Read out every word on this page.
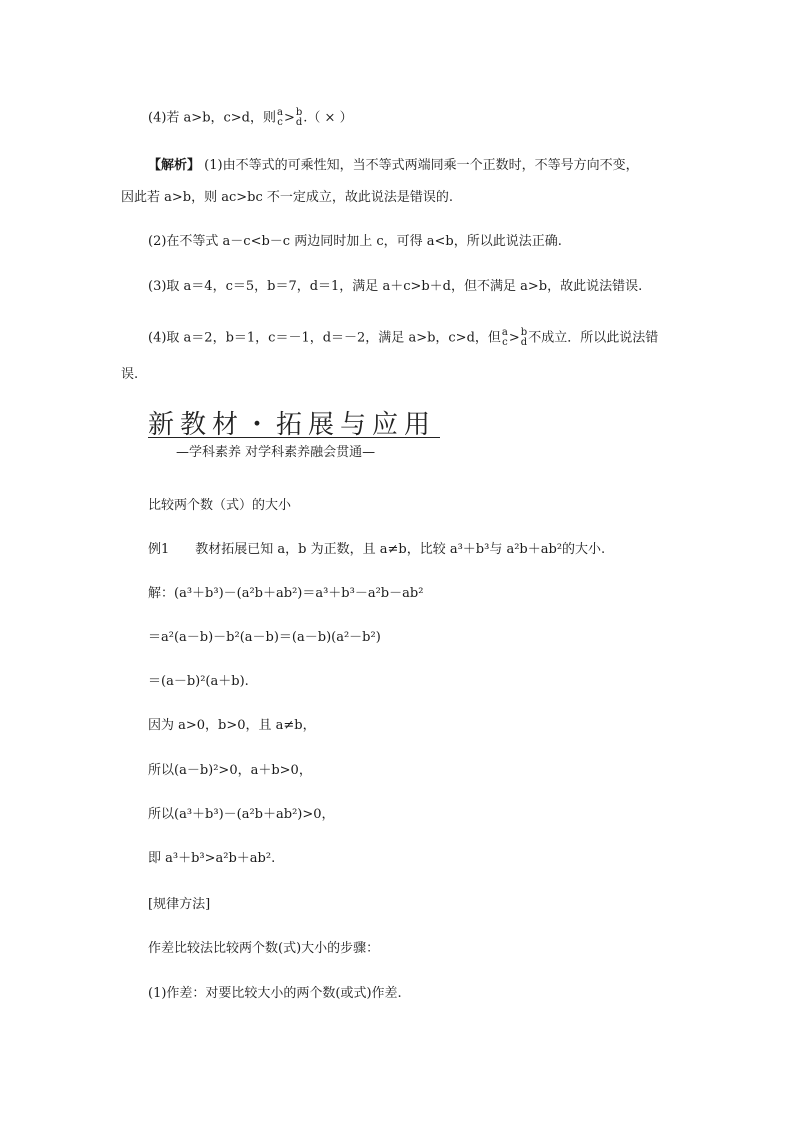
(4)若 a>b，c>d，则 a
c > b
d .（ × ）
【解析】 (1)由不等式的可乘性知，当不等式两端同乘一个正数时，不等号方向不变，
因此若 a>b，则 ac>bc 不一定成立，故此说法是错误的.
(2)在不等式 a－c<b－c 两边同时加上 c，可得 a<b，所以此说法正确.
(3)取 a＝4，c＝5，b＝7，d＝1，满足 a＋c>b＋d，但不满足 a>b，故此说法错误.
(4)取 a＝2，b＝1，c＝－1，d＝－2，满足 a>b，c>d，但 a
c > b
d 不成立．所以此说法错
误.
新教材・拓展与应用
—学科素养 对学科素养融会贯通—
比较两个数（式）的大小
例1 教材拓展已知 a，b 为正数，且 a≠b，比较 a³＋b³与 a²b＋ab²的大小.
解：(a³＋b³)－(a²b＋ab²)＝a³＋b³－a²b－ab²
＝a²(a－b)－b²(a－b)＝(a－b)(a²－b²)
＝(a－b)²(a＋b).
因为 a>0，b>0，且 a≠b，
所以(a－b)²>0，a＋b>0，
所以(a³＋b³)－(a²b＋ab²)>0，
即 a³＋b³>a²b＋ab².
[规律方法]
作差比较法比较两个数(式)大小的步骤：
(1)作差：对要比较大小的两个数(或式)作差.
